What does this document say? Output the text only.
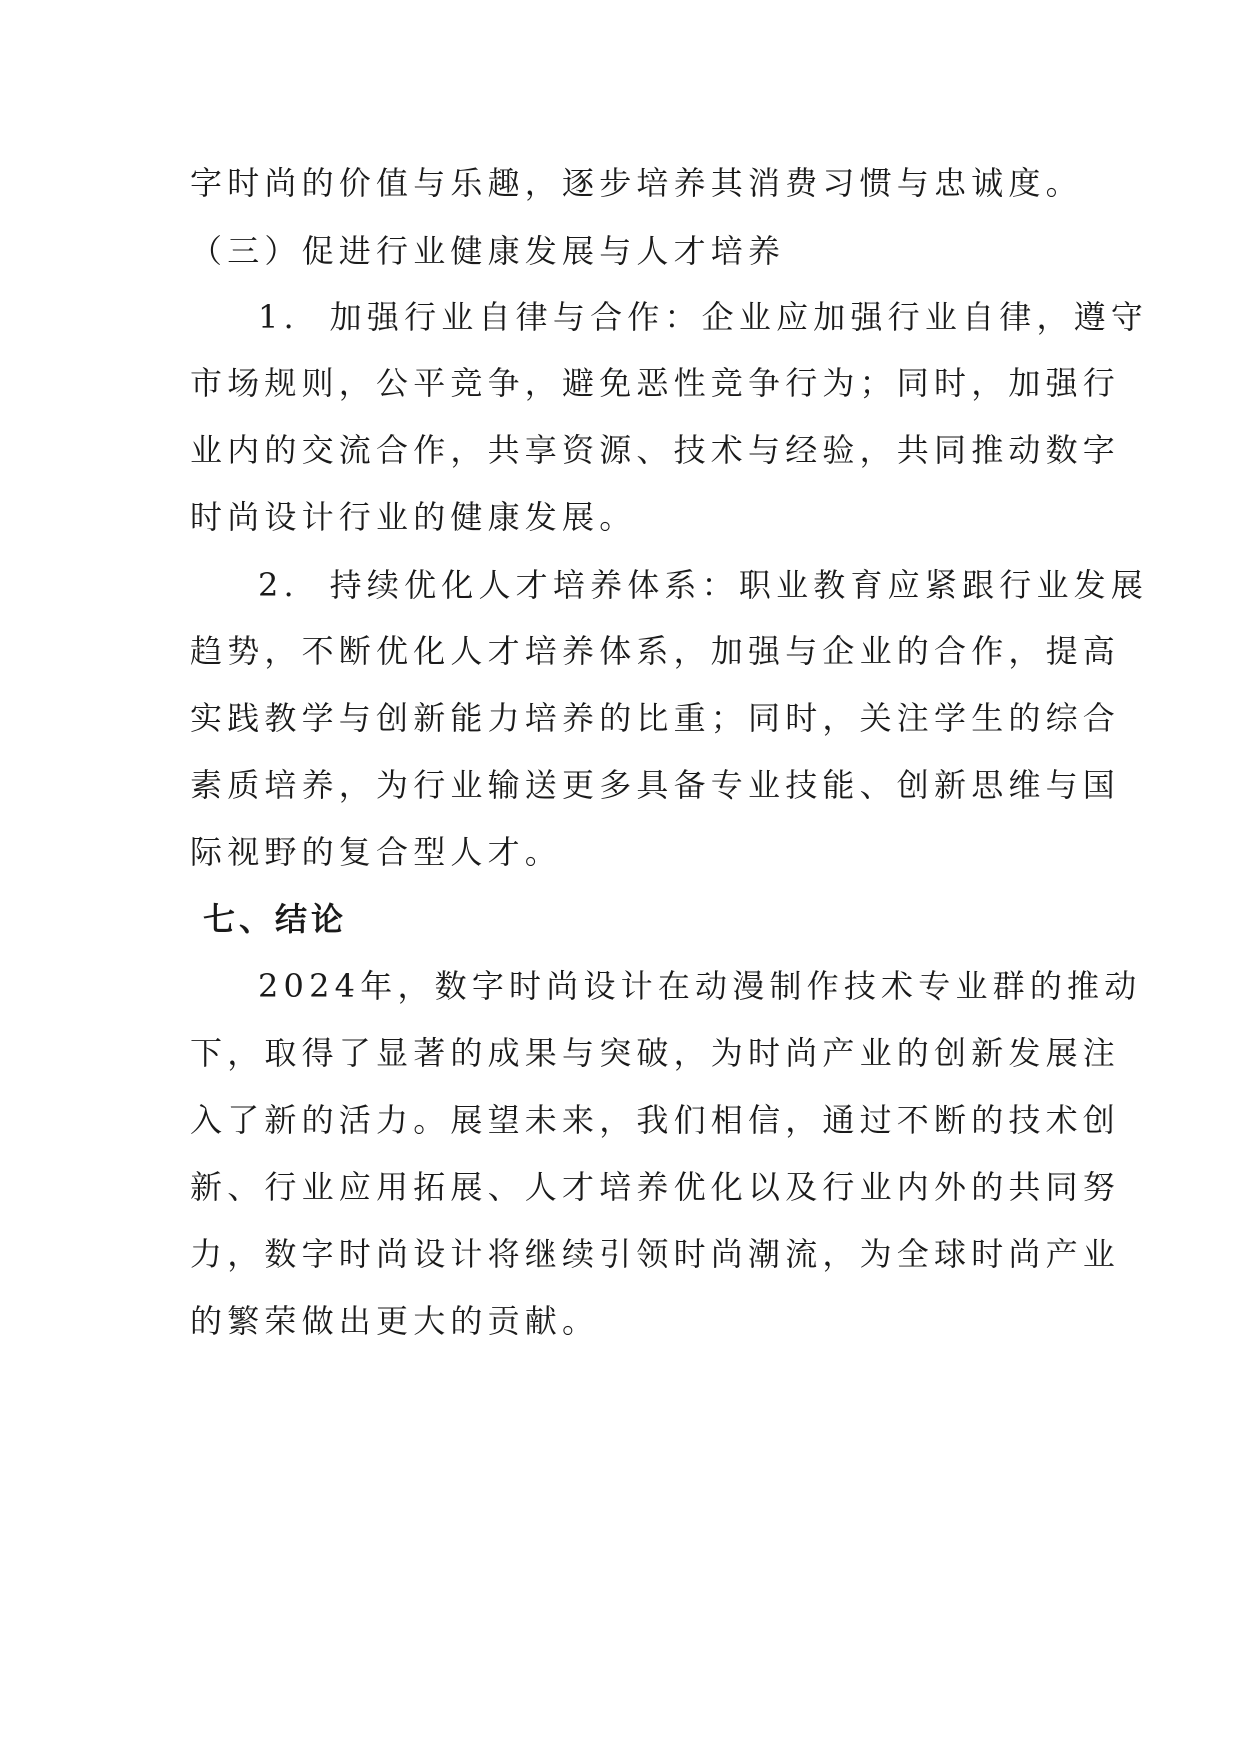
字时尚的价值与乐趣，逐步培养其消费习惯与忠诚度。
（三）促进行业健康发展与人才培养
1.  加强行业自律与合作：企业应加强行业自律，遵守
市场规则，公平竞争，避免恶性竞争行为；同时，加强行
业内的交流合作，共享资源、技术与经验，共同推动数字
时尚设计行业的健康发展。
2.  持续优化人才培养体系：职业教育应紧跟行业发展
趋势，不断优化人才培养体系，加强与企业的合作，提高
实践教学与创新能力培养的比重；同时，关注学生的综合
素质培养，为行业输送更多具备专业技能、创新思维与国
际视野的复合型人才。
七、结论
2024年，数字时尚设计在动漫制作技术专业群的推动
下，取得了显著的成果与突破，为时尚产业的创新发展注
入了新的活力。展望未来，我们相信，通过不断的技术创
新、行业应用拓展、人才培养优化以及行业内外的共同努
力，数字时尚设计将继续引领时尚潮流，为全球时尚产业
的繁荣做出更大的贡献。
